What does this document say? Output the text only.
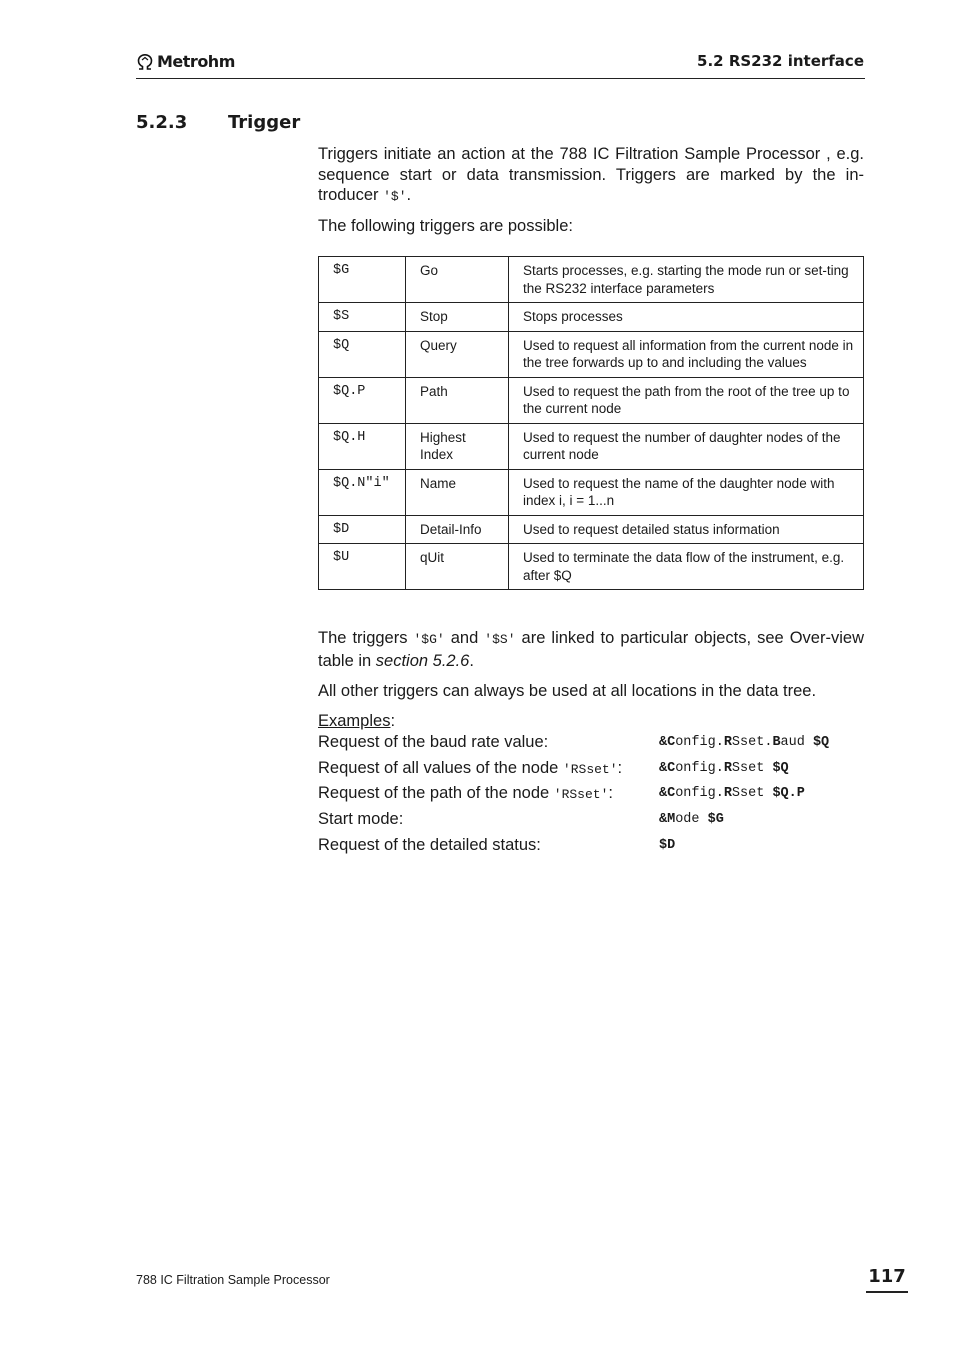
Metrohm	5.2 RS232 interface
5.2.3 Trigger
Triggers initiate an action at the 788 IC Filtration Sample Processor , e.g. sequence start or data transmission. Triggers are marked by the in-troducer '$'.
The following triggers are possible:
$G	Go	Starts processes, e.g. starting the mode run or set-ting the RS232 interface parameters
$S	Stop	Stops processes
$Q	Query	Used to request all information from the current node in the tree forwards up to and including the values
$Q.P	Path	Used to request the path from the root of the tree up to the current node
$Q.H	Highest Index	Used to request the number of daughter nodes of the current node
$Q.N"i"	Name	Used to request the name of the daughter node with index i, i = 1...n
$D	Detail-Info	Used to request detailed status information
$U	qUit	Used to terminate the data flow of the instrument, e.g. after $Q
The triggers '$G' and '$S' are linked to particular objects, see Over-view table in section 5.2.6.
All other triggers can always be used at all locations in the data tree.
Examples:
Request of the baud rate value:	&Config.RSset.Baud $Q
Request of all values of the node 'RSset':	&Config.RSset $Q
Request of the path of the node 'RSset':	&Config.RSset $Q.P
Start mode:	&Mode $G
Request of the detailed status:	$D
788 IC Filtration Sample Processor	117
